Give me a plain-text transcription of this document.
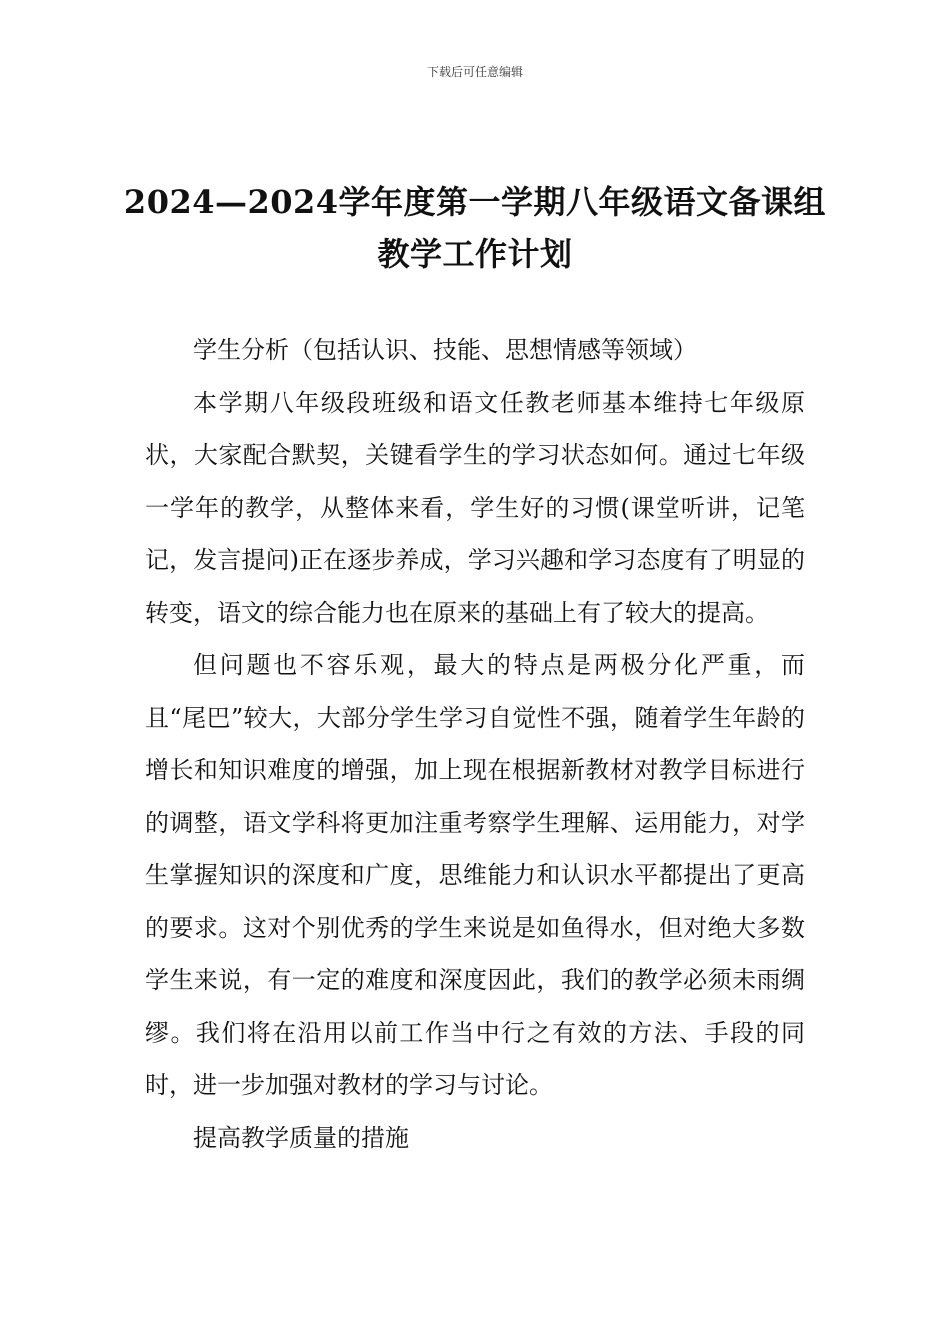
下载后可任意编辑
2024—2024学年度第一学期八年级语文备课组教学工作计划

学生分析（包括认识、技能、思想情感等领域）

本学期八年级段班级和语文任教老师基本维持七年级原状，大家配合默契，关键看学生的学习状态如何。通过七年级一学年的教学，从整体来看，学生好的习惯(课堂听讲，记笔记，发言提问)正在逐步养成，学习兴趣和学习态度有了明显的转变，语文的综合能力也在原来的基础上有了较大的提高。

但问题也不容乐观，最大的特点是两极分化严重，而且“尾巴”较大，大部分学生学习自觉性不强，随着学生年龄的增长和知识难度的增强，加上现在根据新教材对教学目标进行的调整，语文学科将更加注重考察学生理解、运用能力，对学生掌握知识的深度和广度，思维能力和认识水平都提出了更高的要求。这对个别优秀的学生来说是如鱼得水，但对绝大多数学生来说，有一定的难度和深度因此，我们的教学必须未雨绸缪。我们将在沿用以前工作当中行之有效的方法、手段的同时，进一步加强对教材的学习与讨论。

提高教学质量的措施
